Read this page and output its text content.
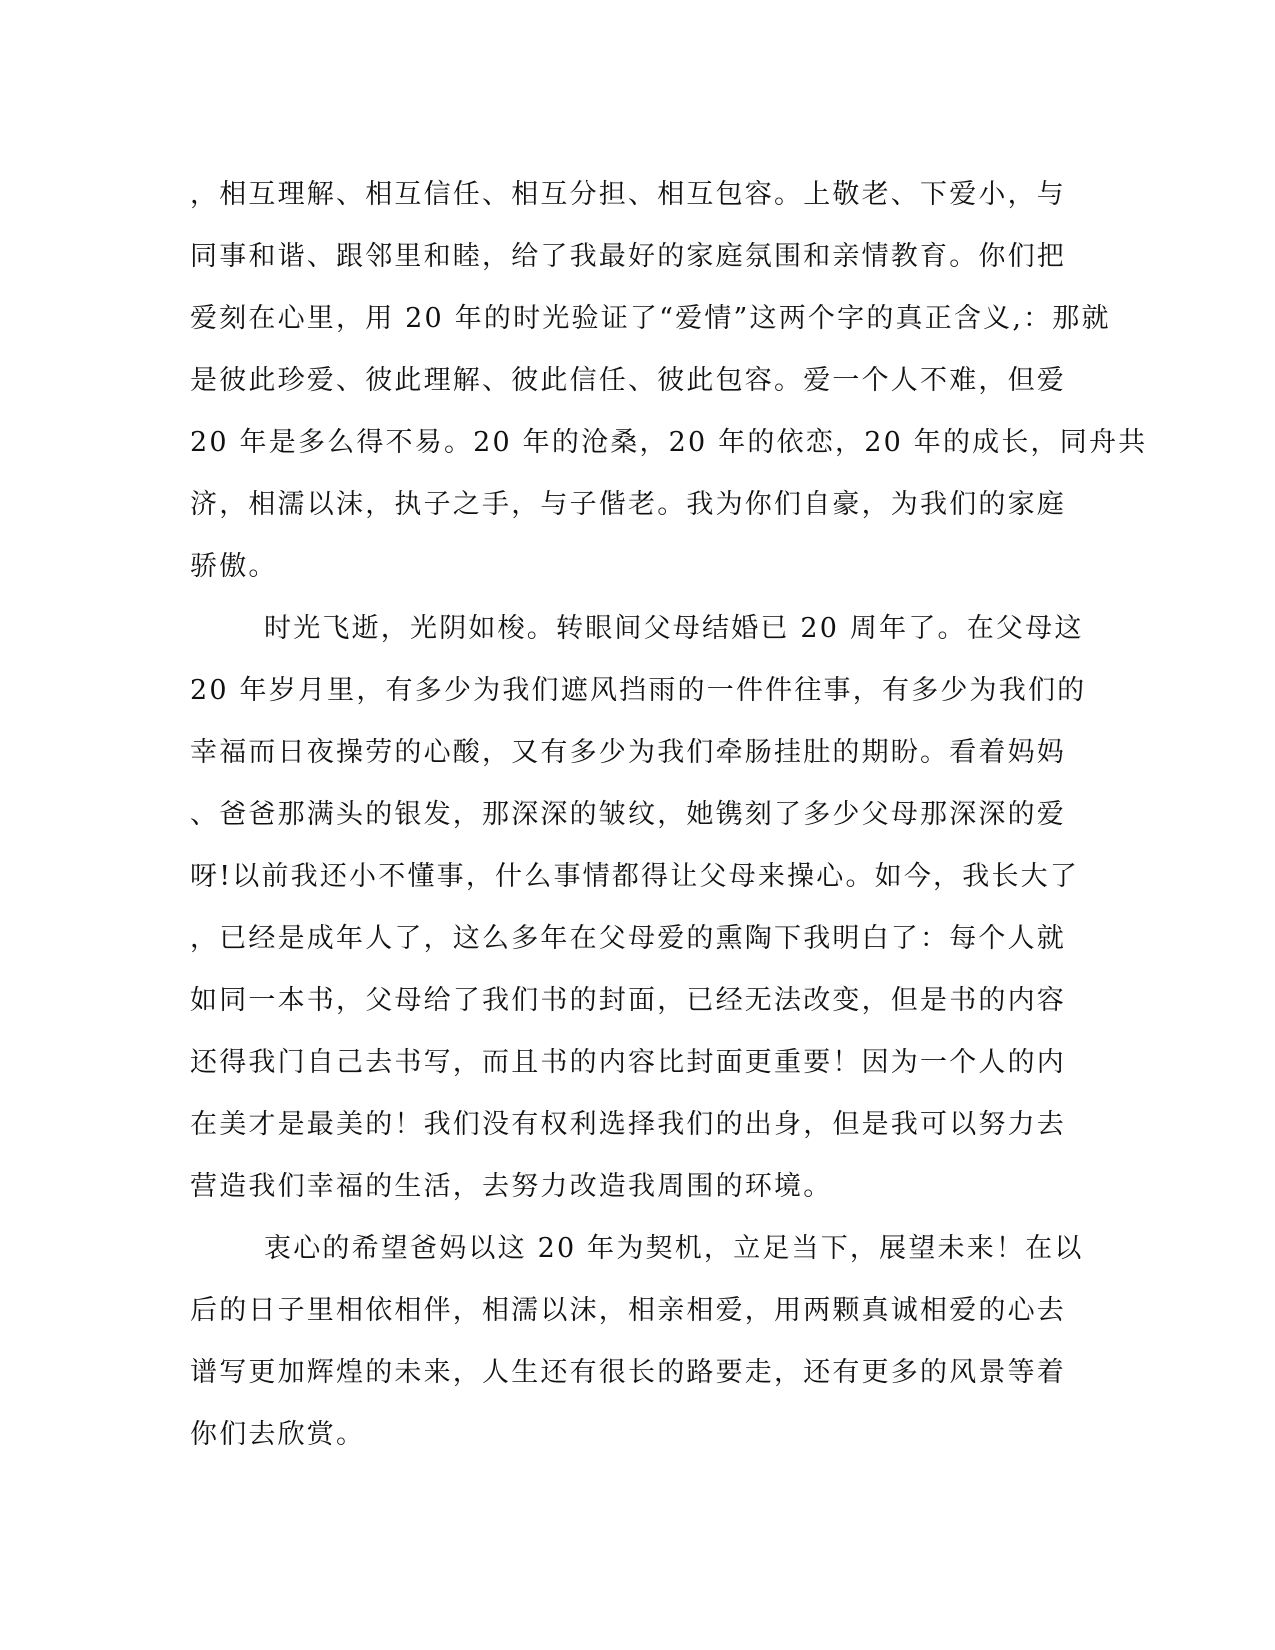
，相互理解、相互信任、相互分担、相互包容。上敬老、下爱小，与
同事和谐、跟邻里和睦，给了我最好的家庭氛围和亲情教育。你们把
爱刻在心里，用 20 年的时光验证了“爱情”这两个字的真正含义,：那就
是彼此珍爱、彼此理解、彼此信任、彼此包容。爱一个人不难，但爱
20 年是多么得不易。20 年的沧桑，20 年的依恋，20 年的成长，同舟共
济，相濡以沫，执子之手，与子偕老。我为你们自豪，为我们的家庭
骄傲。
时光飞逝，光阴如梭。转眼间父母结婚已 20 周年了。在父母这
20 年岁月里，有多少为我们遮风挡雨的一件件往事，有多少为我们的
幸福而日夜操劳的心酸，又有多少为我们牵肠挂肚的期盼。看着妈妈
、爸爸那满头的银发，那深深的皱纹，她镌刻了多少父母那深深的爱
呀!以前我还小不懂事，什么事情都得让父母来操心。如今，我长大了
，已经是成年人了，这么多年在父母爱的熏陶下我明白了：每个人就
如同一本书，父母给了我们书的封面，已经无法改变，但是书的内容
还得我门自己去书写，而且书的内容比封面更重要！因为一个人的内
在美才是最美的！我们没有权利选择我们的出身，但是我可以努力去
营造我们幸福的生活，去努力改造我周围的环境。
衷心的希望爸妈以这 20 年为契机，立足当下，展望未来！在以
后的日子里相依相伴，相濡以沫，相亲相爱，用两颗真诚相爱的心去
谱写更加辉煌的未来，人生还有很长的路要走，还有更多的风景等着
你们去欣赏。
